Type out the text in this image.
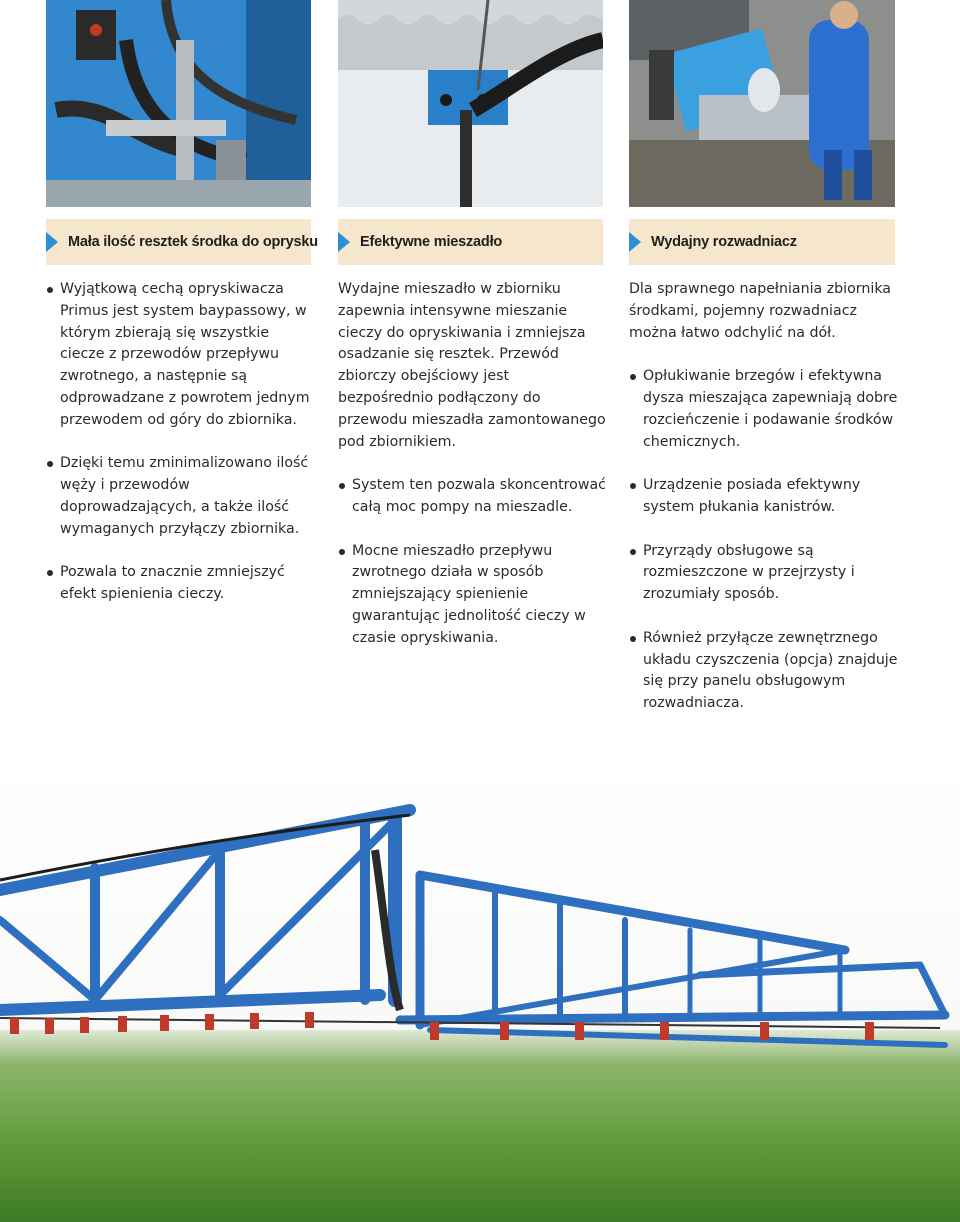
Mała ilość resztek środka do oprysku	Efektywne mieszadło	Wydajny rozwadniacz
Wyjątkową cechą opryskiwacza Primus jest system baypassowy, w którym zbierają się wszystkie ciecze z przewodów przepływu zwrotnego, a następnie są odprowadzane z powrotem jednym przewodem od góry do zbiornika.
Dzięki temu zminimalizowano ilość węży i przewodów doprowadzających, a także ilość wymaganych przyłączy zbiornika.
Pozwala to znacznie zmniejszyć efekt spienienia cieczy.

Wydajne mieszadło w zbiorniku zapewnia intensywne mieszanie cieczy do opryskiwania i zmniejsza osadzanie się resztek. Przewód zbiorczy obejściowy jest bezpośrednio podłączony do przewodu mieszadła zamontowanego pod zbiornikiem.

System ten pozwala skoncentrować całą moc pompy na mieszadle.
Mocne mieszadło przepływu zwrotnego działa w sposób zmniejszający spienienie gwarantując jednolitość cieczy w czasie opryskiwania.

Dla sprawnego napełniania zbiornika środkami, pojemny rozwadniacz można łatwo odchylić na dół.

Opłukiwanie brzegów i efektywna dysza mieszająca zapewniają dobre rozcieńczenie i podawanie środków chemicznych.
Urządzenie posiada efektywny system płukania kanistrów.
Przyrządy obsługowe są rozmieszczone w przejrzysty i zrozumiały sposób.
Również przyłącze zewnętrznego układu czyszczenia (opcja) znajduje się przy panelu obsługowym rozwadniacza.
